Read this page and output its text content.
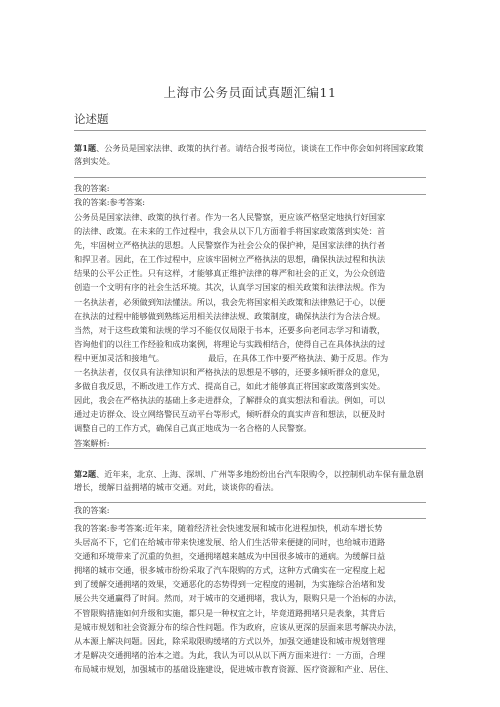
上海市公务员面试真题汇编11
论述题
第1题、公务员是国家法律、政策的执行者。请结合报考岗位，谈谈在工作中你会如何将国家政策落到实处。
我的答案:
我的答案:参考答案:

公务员是国家法律、政策的执行者。作为一名人民警察，更应该严格坚定地执行好国家

的法律、政策。在未来的工作过程中，我会从以下几方面着手将国家政策落到实处：首

先，牢固树立严格执法的思想。人民警察作为社会公众的保护神，是国家法律的执行者

和捍卫者。因此，在工作过程中，应该牢固树立严格执法的思想，确保执法过程和执法

结果的公平公正性。只有这样，才能够真正维护法律的尊严和社会的正义，为公众创造

创造一个文明有序的社会生活环境。其次，认真学习国家的相关政策和法律法规。作为

一名执法者，必须做到知法懂法。所以，我会先将国家相关政策和法律熟记于心，以便

在执法的过程中能够做到熟练运用相关法律法规、政策制度，确保执法行为合法合规。

当然，对于这些政策和法规的学习不能仅仅局限于书本，还要多向老同志学习和请教，

咨询他们的以往工作经验和成功案例，将理论与实践相结合，使得自己在具体执法的过

程中更加灵活和接地气。	最后，在具体工作中要严格执法、勤于反思。作为

一名执法者，仅仅具有法律知识和严格执法的思想是不够的，还要多倾听群众的意见，

多做自我反思，不断改进工作方式、提高自己，如此才能够真正将国家政策落到实处。

因此，我会在严格执法的基础上多走进群众，了解群众的真实想法和看法。例如，可以

通过走访群众、设立网络警民互动平台等形式，倾听群众的真实声音和想法，以便及时

调整自己的工作方式，确保自己真正地成为一名合格的人民警察。

答案解析:

第2题、近年来，北京、上海、深圳、广州等多地纷纷出台汽车限购令，以控制机动车保有量急剧增长，缓解日益拥堵的城市交通。对此，谈谈你的看法。
我的答案:

我的答案:参考答案:近年来，随着经济社会快速发展和城市化进程加快，机动车增长势

头居高不下，它们在给城市带来快速发展、给人们生活带来便捷的同时，也给城市道路

交通和环境带来了沉重的负担，交通拥堵越来越成为中国很多城市的通病。为缓解日益

拥堵的城市交通，很多城市纷纷采取了汽车限购的方式，这种方式确实在一定程度上起

到了缓解交通拥堵的效果，交通恶化的态势得到一定程度的遏制，为实施综合治堵和发

展公共交通赢得了时间。然而，对于城市的交通拥堵，我认为，限购只是一个治标的办法，

不管限购措施如何升级和实施，都只是一种权宜之计，毕竟道路拥堵只是表象，其背后

是城市规划和社会资源分布的综合性问题。作为政府，应该从更深的层面来思考解决办法，

从本源上解决问题。因此，除采取限购缓堵的方式以外，加强交通建设和城市规划管理

才是解决交通拥堵的治本之道。为此，我认为可以从以下两方面来进行：一方面，合理

布局城市规划，加强城市的基础设施建设，促进城市教育资源、医疗资源和产业、居住、
